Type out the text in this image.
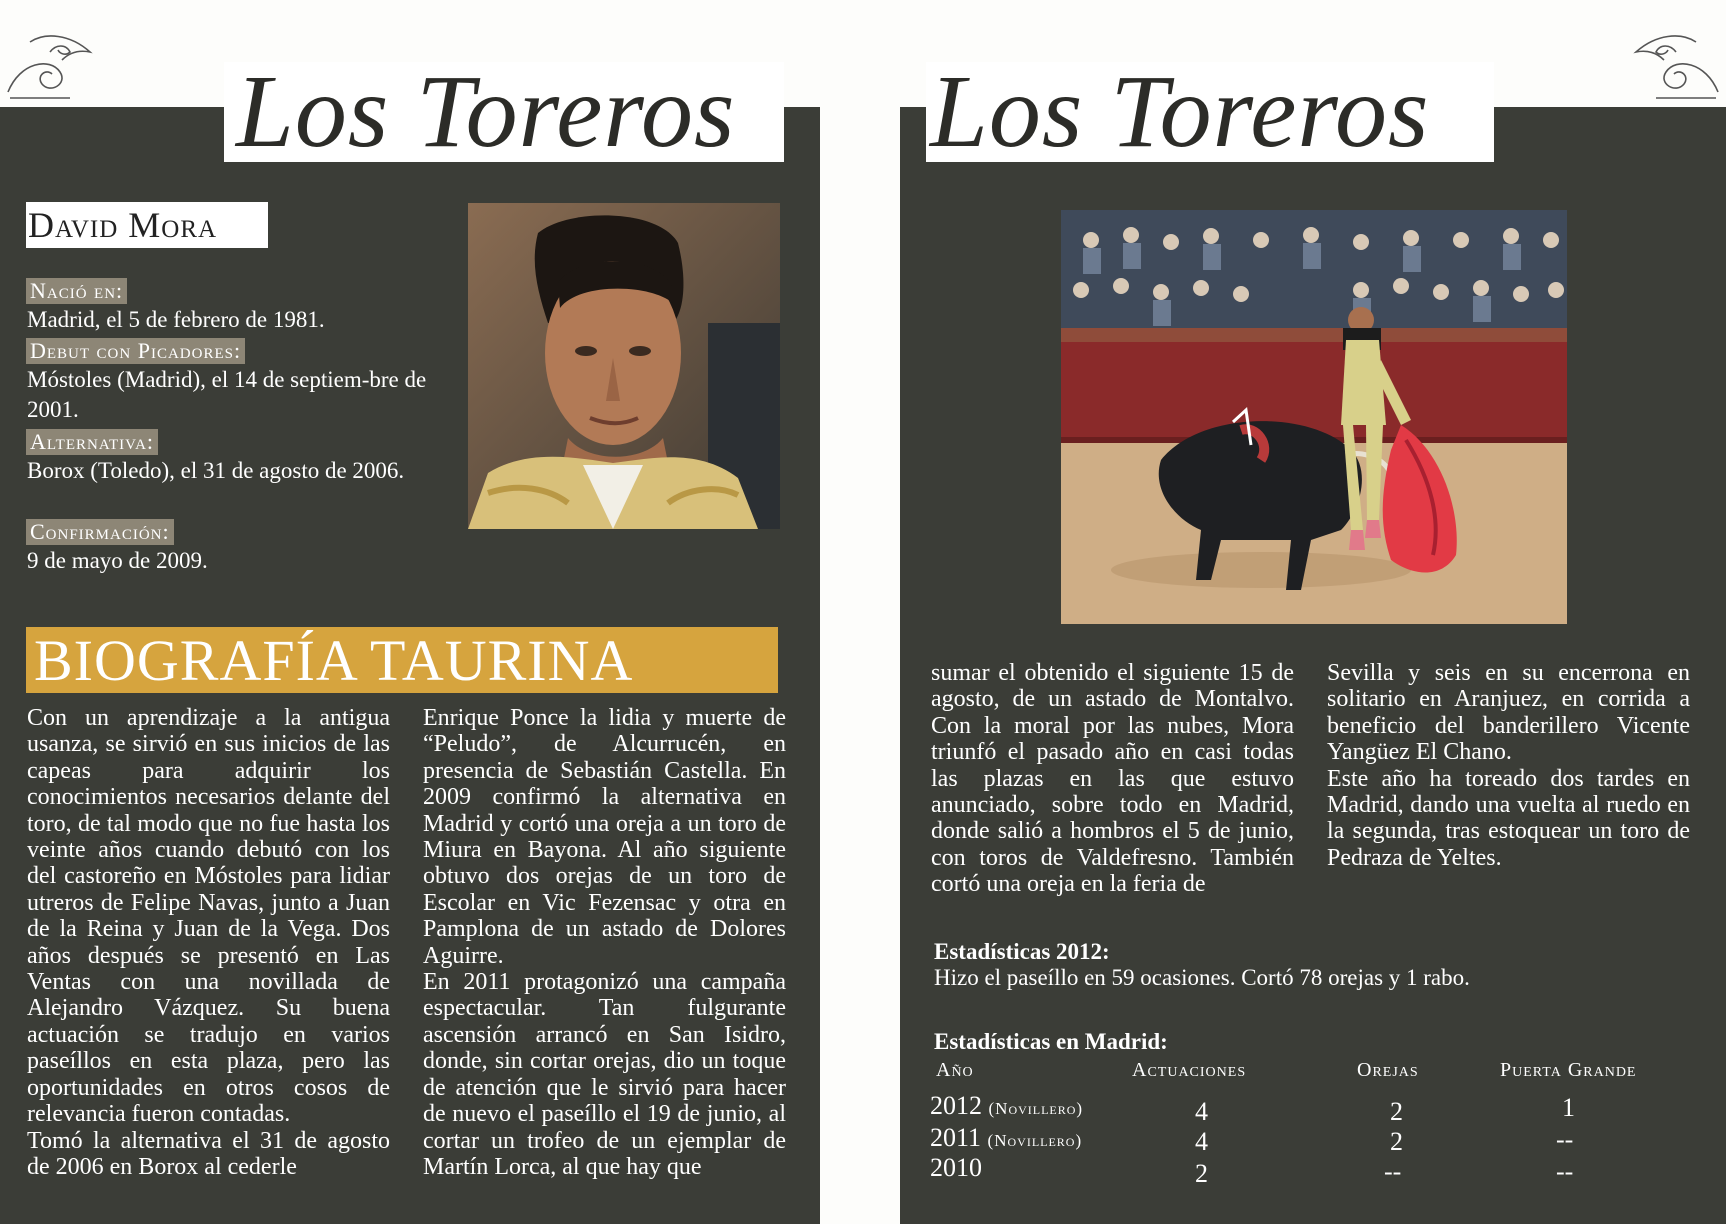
David Mora
Nació en:
Madrid, el 5 de febrero de 1981.
Debut con Picadores:
Móstoles (Madrid), el 14 de septiem-bre de 2001.
Alternativa:
Borox (Toledo), el 31 de agosto de 2006.
Confirmación:
9 de mayo de 2009.
BIOGRAFÍA TAURINA
Con un aprendizaje a la antigua usanza, se sirvió en sus inicios de las capeas para adquirir los conocimientos necesarios delante del toro, de tal modo que no fue hasta los veinte años cuando debutó con los del castoreño en Móstoles para lidiar utreros de Felipe Navas, junto a Juan de la Reina y Juan de la Vega. Dos años después se presentó en Las Ventas con una novillada de Alejandro Vázquez. Su buena actuación se tradujo en varios paseíllos en esta plaza, pero las oportunidades en otros cosos de relevancia fueron contadas.
Tomó la alternativa el 31 de agosto de 2006 en Borox al cederle
Enrique Ponce la lidia y muerte de “Peludo”, de Alcurrucén, en presencia de Sebastián Castella. En 2009 confirmó la alternativa en Madrid y cortó una oreja a un toro de Miura en Bayona. Al año siguiente obtuvo dos orejas de un toro de Escolar en Vic Fezensac y otra en Pamplona de un astado de Dolores Aguirre.
En 2011 protagonizó una campaña espectacular. Tan fulgurante ascensión arrancó en San Isidro, donde, sin cortar orejas, dio un toque de atención que le sirvió para hacer de nuevo el paseíllo el 19 de junio, al cortar un trofeo de un ejemplar de Martín Lorca, al que hay que
Los Toreros
sumar el obtenido el siguiente 15 de agosto, de un astado de Montalvo. Con la moral por las nubes, Mora triunfó el pasado año en casi todas las plazas en las que estuvo anunciado, sobre todo en Madrid, donde salió a hombros el 5 de junio, con toros de Valdefresno. También cortó una oreja en la feria de
Sevilla y seis en su encerrona en solitario en Aranjuez, en corrida a beneficio del banderillero Vicente Yangüez El Chano.
Este año ha toreado dos tardes en Madrid, dando una vuelta al ruedo en la segunda, tras estoquear un toro de Pedraza de Yeltes.
Estadísticas 2012:
Hizo el paseíllo en 59 ocasiones. Cortó 78 orejas y 1 rabo.
Estadísticas en Madrid:
Año	Actuaciones	Orejas	Puerta Grande
2012 (Novillero)	4	2	1
2011 (Novillero)	4	2	--
2010	2	--	--
Los Toreros
